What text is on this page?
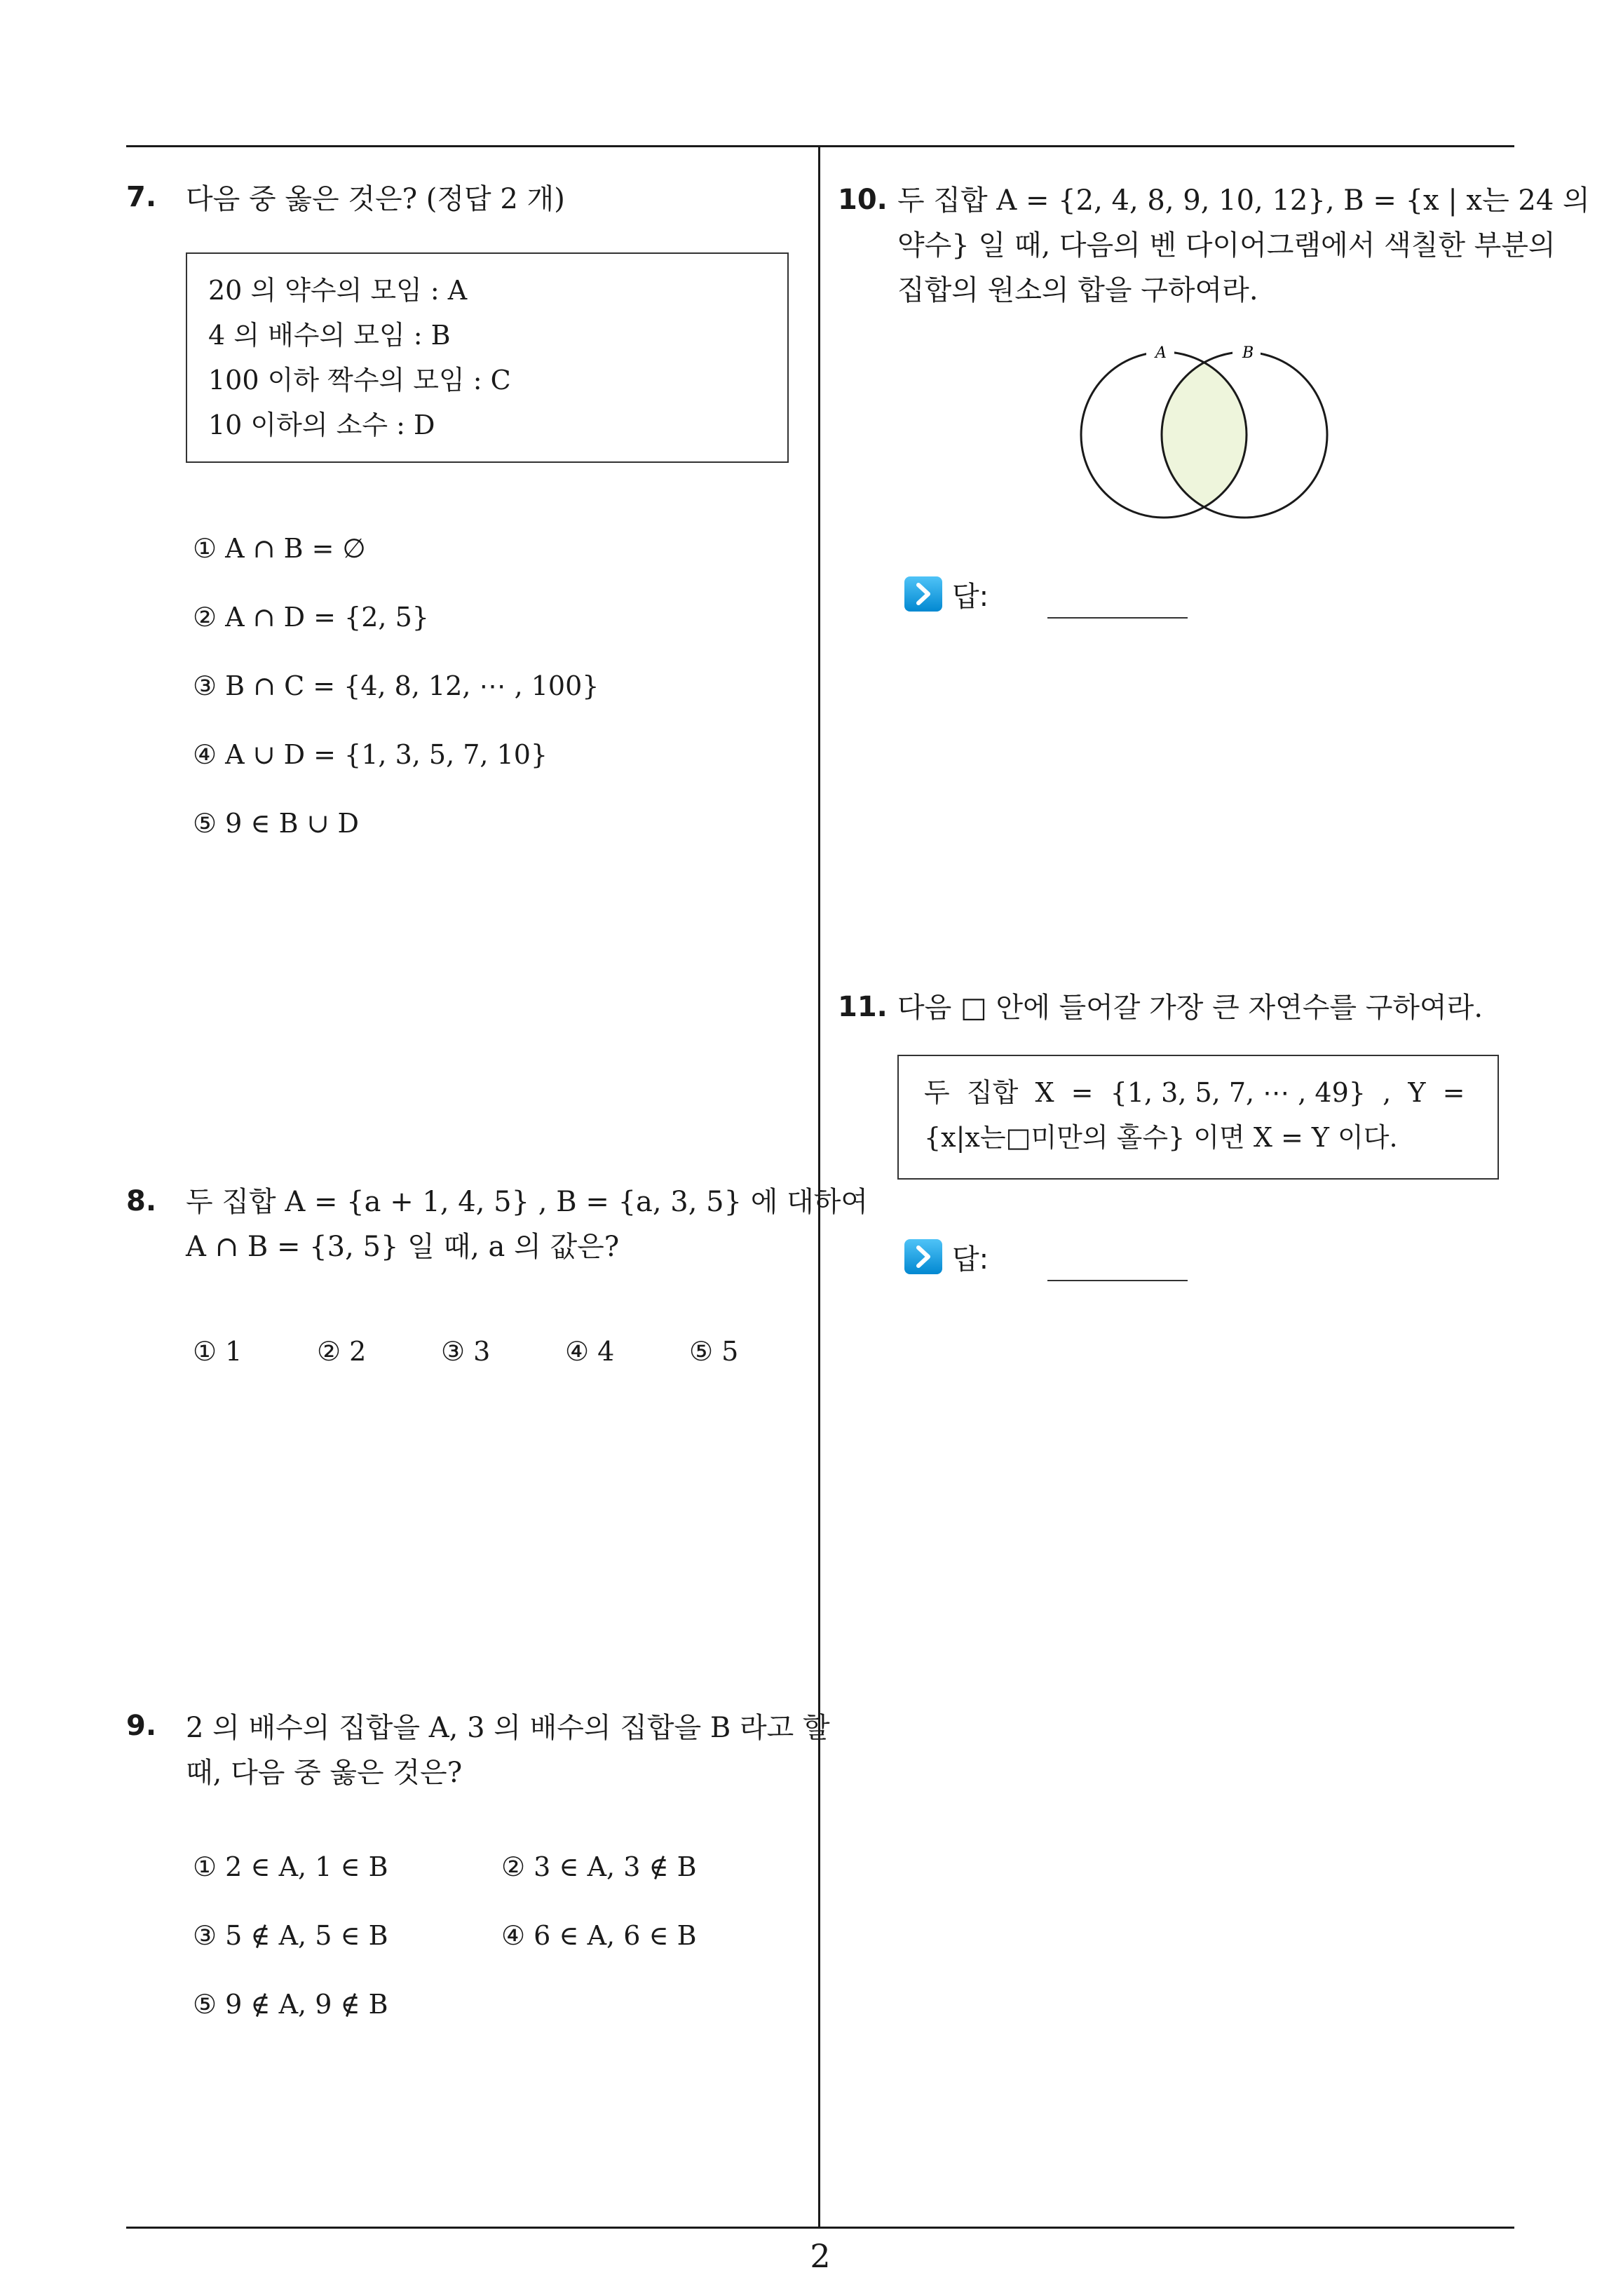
2
7. 다음 중 옳은 것은? (정답 2 개)
20 의 약수의 모임 : A
4 의 배수의 모임 : B
100 이하 짝수의 모임 : C
10 이하의 소수 : D
① A ∩ B = ∅
② A ∩ D = {2, 5}
③ B ∩ C = {4, 8, 12, ⋯ , 100}
④ A ∪ D = {1, 3, 5, 7, 10}
⑤ 9 ∈ B ∪ D
8. 두 집합 A = {a + 1, 4, 5} , B = {a, 3, 5} 에 대하여
A ∩ B = {3, 5} 일 때, a 의 값은?
① 1	② 2	③ 3	④ 4	⑤ 5
9. 2 의 배수의 집합을 A, 3 의 배수의 집합을 B 라고 할
때, 다음 중 옳은 것은?
① 2 ∈ A, 1 ∈ B	② 3 ∈ A, 3 ∉ B
③ 5 ∉ A, 5 ∈ B	④ 6 ∈ A, 6 ∈ B
⑤ 9 ∉ A, 9 ∉ B
10. 두 집합 A = {2, 4, 8, 9, 10, 12}, B = {x | x는 24 의
약수} 일 때, 다음의 벤 다이어그램에서 색칠한 부분의
집합의 원소의 합을 구하여라.
A	B
답:
11. 다음 □ 안에 들어갈 가장 큰 자연수를 구하여라.
두  집합  X  =  {1, 3, 5, 7, ⋯ , 49}  ,  Y  =
{x|x는□미만의 홀수} 이면 X = Y 이다.
답:
